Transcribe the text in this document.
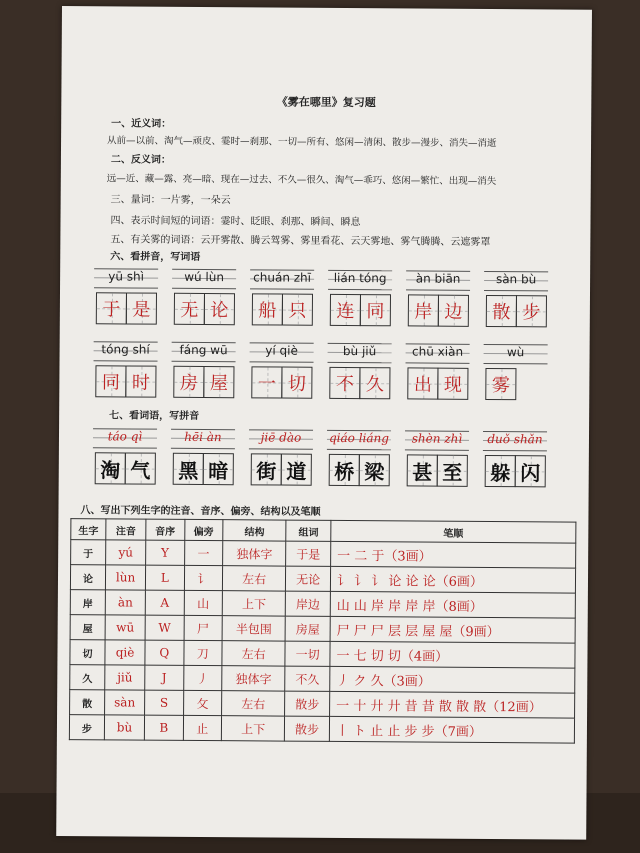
《雾在哪里》复习题
一、近义词：
从前—以前、淘气—顽皮、霎时—刹那、一切—所有、悠闲—清闲、散步—漫步、消失—消逝
二、反义词：
远—近、藏—露、亮—暗、现在—过去、不久—很久、淘气—乖巧、悠闲—繁忙、出现—消失
三、量词：一片雾，一朵云
四、表示时间短的词语：霎时、眨眼、刹那、瞬间、瞬息
五、有关雾的词语：云开雾散、腾云驾雾、雾里看花、云天雾地、雾气腾腾、云遮雾罩
六、看拼音，写词语
yū shì
于 是
wú lùn
无 论
chuán zhī
船 只
lián tóng
连 同
àn biān
岸 边
sàn bù
散 步
tóng shí
同 时
fáng wū
房 屋
yí qiè
一 切
bù jiǔ
不 久
chū xiàn
出 现
wù
雾
七、看词语，写拼音
táo qì
淘 气
hēi àn
黑 暗
jiē dào
街 道
qiáo liáng
桥 梁
shèn zhì
甚 至
duǒ shǎn
躲 闪
八、写出下列生字的注音、音序、偏旁、结构以及笔顺
生字	注音	音序	偏旁	结构	组词	笔顺
于	yú	Y	一	独体字	于是	一 二 于（3画）
论	lùn	L	讠	左右	无论	讠 讠 讠 论 论 论（6画）
岸	àn	A	山	上下	岸边	山 山 岸 岸 岸 岸（8画）
屋	wū	W	尸	半包围	房屋	尸 尸 尸 层 层 屋 屋（9画）
切	qiè	Q	刀	左右	一切	一 七 切 切（4画）
久	jiǔ	J	丿	独体字	不久	丿 ク 久（3画）
散	sàn	S	攵	左右	散步	一 十 廾 廾 昔 昔 散 散 散（12画）
步	bù	B	止	上下	散步	丨 ト 止 止 步 步（7画）
